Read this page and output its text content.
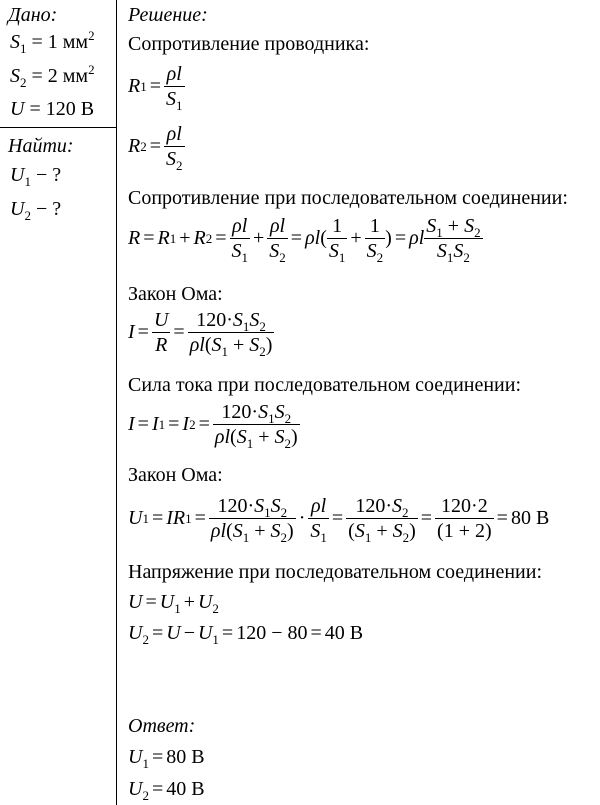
Дано:
$S_1 = 1$ $мм^2$
$S_2 = 2$ $мм^2$
U = 120 В
Найти:
$U_1$ − ?
$U_2$ − ?
Решение:
Сопротивление проводника:
R $1 = \frac{\rho l}{S_1}$
R $2 = \frac{\rho l}{S_2}$
Сопротивление при последовательном соединении:
R = R 1 + R $2 = \frac{\rho l}{S_1} + \frac{\rho l}{S_2} = \rho l$ ( $\frac{1}{S_1} + \frac{1}{S_2}$ ) = ρl $\frac{S_1 + S_2}{S_1S_2}$
Закон Ома:
$I = \frac{U}{R} = \frac{120\cdot S_1S_2}{\rho l(S_1 + S_2)}$
Сила тока при последовательном соединении:
I = I 1 = I $2 = \frac{120\cdot S_1S_2}{\rho l(S_1 + S_2)}$
Закон Ома:
U 1 = IR $1 = \frac{120\cdot S_1S_2}{\rho l(S_1 + S_2)} \cdot \frac{\rho l}{S_1} = \frac{120\cdot S_2}{(S_1 + S_2)} = \frac{120\cdot 2}{(1 + 2)} = 80$ В
Напряжение при последовательном соединении:
$U = U_1 + U_2$
$U_2 = U - U_1 = 120 - 80 = 40$ В
Ответ:
$U_1 = 80$ В
$U_2 = 40$ В
